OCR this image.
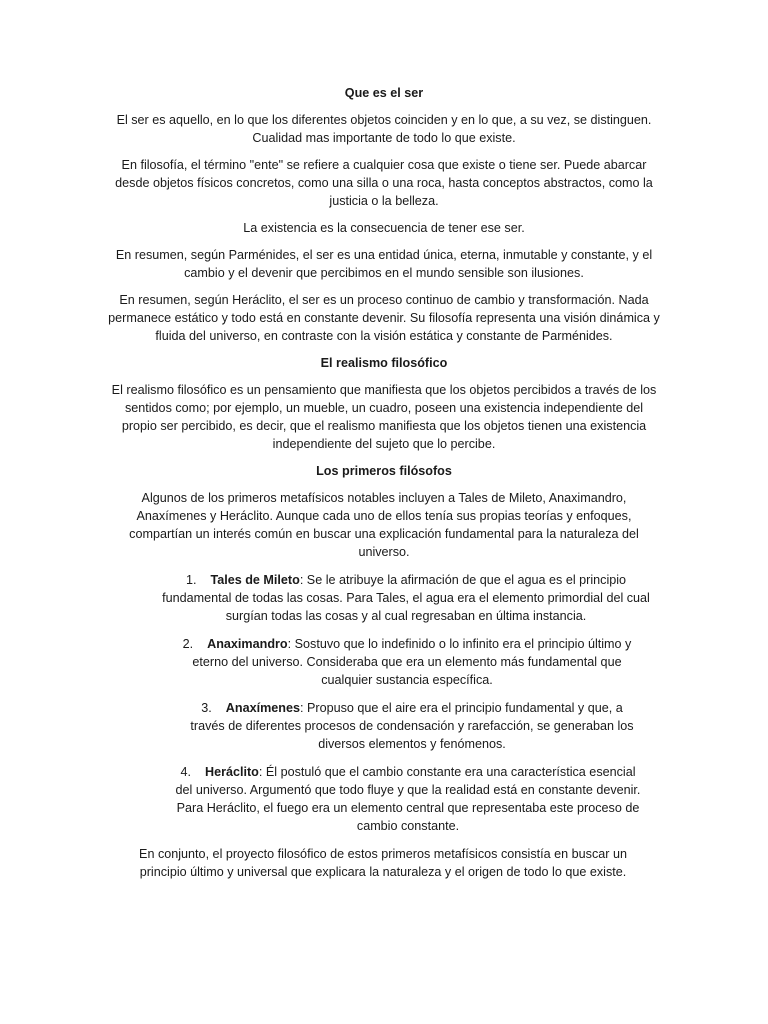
Que es el ser

El ser es aquello, en lo que los diferentes objetos coinciden y en lo que, a su vez, se distinguen. Cualidad mas importante de todo lo que existe.

En filosofía, el término "ente" se refiere a cualquier cosa que existe o tiene ser. Puede abarcar desde objetos físicos concretos, como una silla o una roca, hasta conceptos abstractos, como la justicia o la belleza.

La existencia es la consecuencia de tener ese ser.

En resumen, según Parménides, el ser es una entidad única, eterna, inmutable y constante, y el cambio y el devenir que percibimos en el mundo sensible son ilusiones.

En resumen, según Heráclito, el ser es un proceso continuo de cambio y transformación. Nada permanece estático y todo está en constante devenir. Su filosofía representa una visión dinámica y fluida del universo, en contraste con la visión estática y constante de Parménides.

El realismo filosófico

El realismo filosófico es un pensamiento que manifiesta que los objetos percibidos a través de los sentidos como; por ejemplo, un mueble, un cuadro, poseen una existencia independiente del propio ser percibido, es decir, que el realismo manifiesta que los objetos tienen una existencia independiente del sujeto que lo percibe.

Los primeros filósofos

Algunos de los primeros metafísicos notables incluyen a Tales de Mileto, Anaximandro, Anaxímenes y Heráclito. Aunque cada uno de ellos tenía sus propias teorías y enfoques, compartían un interés común en buscar una explicación fundamental para la naturaleza del universo.

1. Tales de Mileto: Se le atribuye la afirmación de que el agua es el principio fundamental de todas las cosas. Para Tales, el agua era el elemento primordial del cual surgían todas las cosas y al cual regresaban en última instancia.
2. Anaximandro: Sostuvo que lo indefinido o lo infinito era el principio último y eterno del universo. Consideraba que era un elemento más fundamental que cualquier sustancia específica.
3. Anaxímenes: Propuso que el aire era el principio fundamental y que, a través de diferentes procesos de condensación y rarefacción, se generaban los diversos elementos y fenómenos.
4. Heráclito: Él postuló que el cambio constante era una característica esencial del universo. Argumentó que todo fluye y que la realidad está en constante devenir. Para Heráclito, el fuego era un elemento central que representaba este proceso de cambio constante.

En conjunto, el proyecto filosófico de estos primeros metafísicos consistía en buscar un principio último y universal que explicara la naturaleza y el origen de todo lo que existe.
